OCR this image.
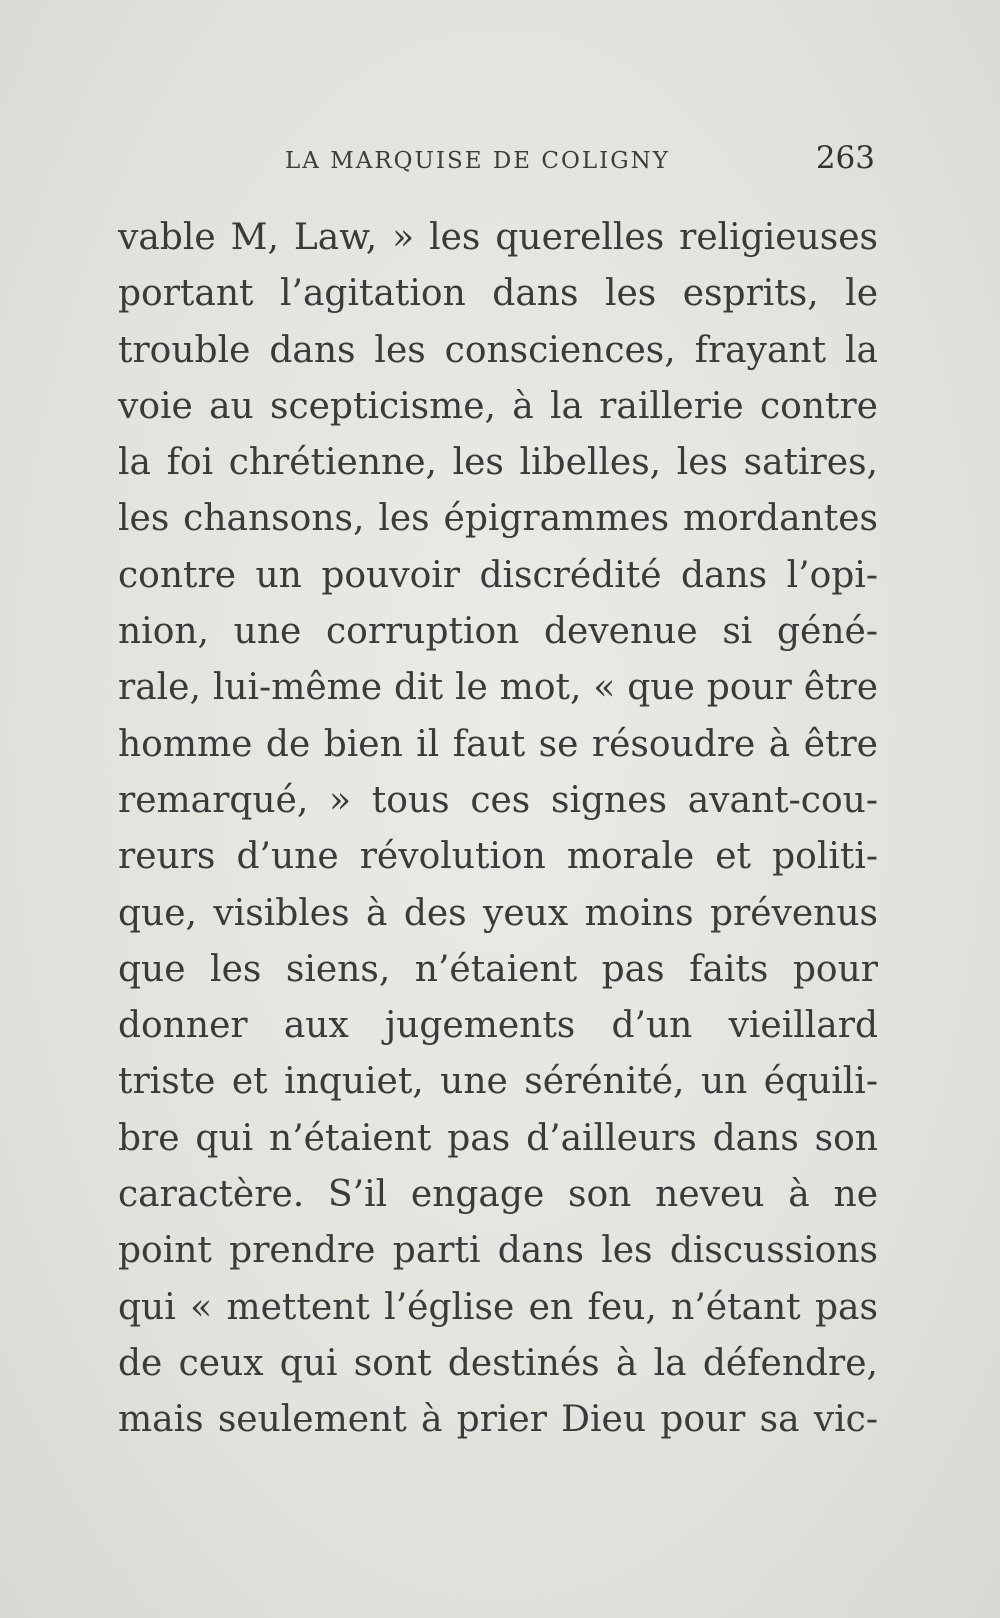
LA MARQUISE DE COLIGNY	263
vable M, Law, » les querelles religieuses
portant l’agitation dans les esprits, le
trouble dans les consciences, frayant la
voie au scepticisme, à la raillerie contre
la foi chrétienne, les libelles, les satires,
les chansons, les épigrammes mordantes
contre un pouvoir discrédité dans l’opi-
nion, une corruption devenue si géné-
rale, lui-même dit le mot, « que pour être
homme de bien il faut se résoudre à être
remarqué, » tous ces signes avant-cou-
reurs d’une révolution morale et politi-
que, visibles à des yeux moins prévenus
que les siens, n’étaient pas faits pour
donner aux jugements d’un vieillard
triste et inquiet, une sérénité, un équili-
bre qui n’étaient pas d’ailleurs dans son
caractère. S’il engage son neveu à ne
point prendre parti dans les discussions
qui « mettent l’église en feu, n’étant pas
de ceux qui sont destinés à la défendre,
mais seulement à prier Dieu pour sa vic-
